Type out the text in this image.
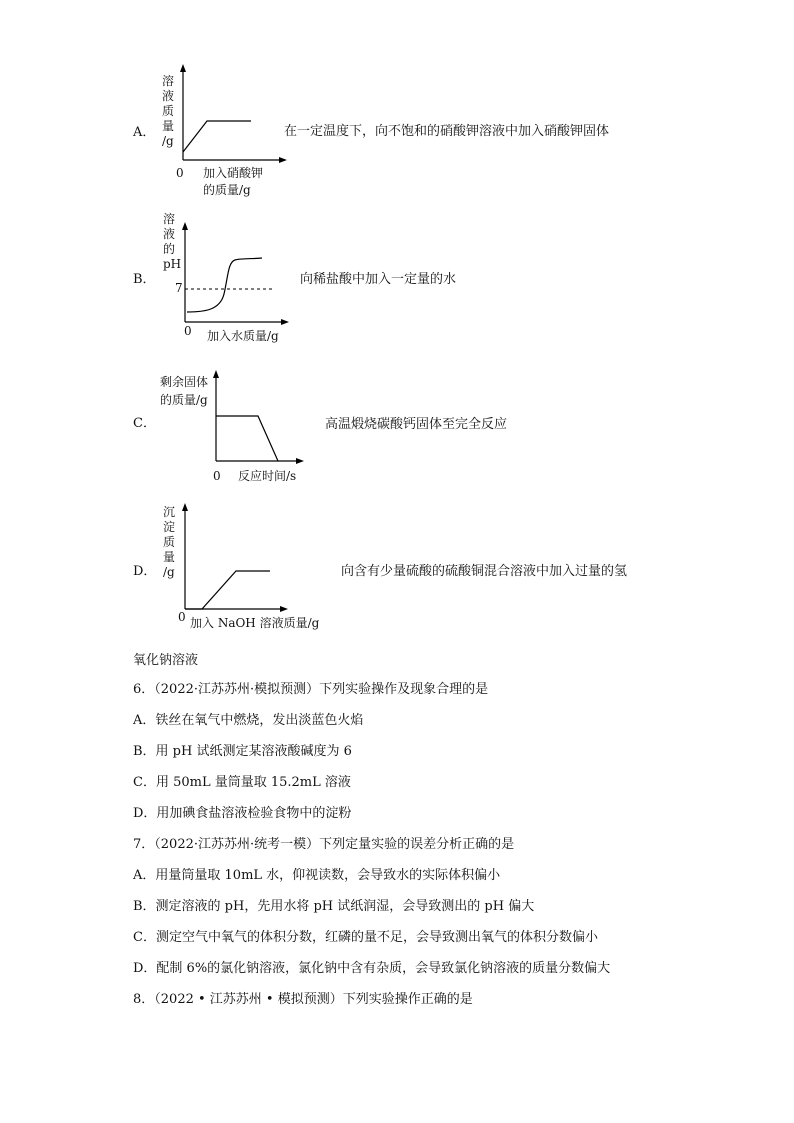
A．
溶
液
质
量
/g
0 加入硝酸钾
的质量/g
在一定温度下，向不饱和的硝酸钾溶液中加入硝酸钾固体
B．
溶
液
的
pH
7
0 加入水质量/g
向稀盐酸中加入一定量的水
C．
剩余固体
的质量/g
0 反应时间/s
高温煅烧碳酸钙固体至完全反应
D．
沉
淀
质
量
/g
0 加入 NaOH 溶液质量/g
向含有少量硫酸的硫酸铜混合溶液中加入过量的氢
氧化钠溶液
6．（2022·江苏苏州·模拟预测）下列实验操作及现象合理的是
A．铁丝在氧气中燃烧，发出淡蓝色火焰
B．用 pH 试纸测定某溶液酸碱度为 6
C．用 50mL 量筒量取 15.2mL 溶液
D．用加碘食盐溶液检验食物中的淀粉
7．（2022·江苏苏州·统考一模）下列定量实验的误差分析正确的是
A．用量筒量取 10mL 水，仰视读数，会导致水的实际体积偏小
B．测定溶液的 pH，先用水将 pH 试纸润湿，会导致测出的 pH 偏大
C．测定空气中氧气的体积分数，红磷的量不足，会导致测出氧气的体积分数偏小
D．配制 6%的氯化钠溶液，氯化钠中含有杂质，会导致氯化钠溶液的质量分数偏大
8．（2022 • 江苏苏州 • 模拟预测）下列实验操作正确的是
